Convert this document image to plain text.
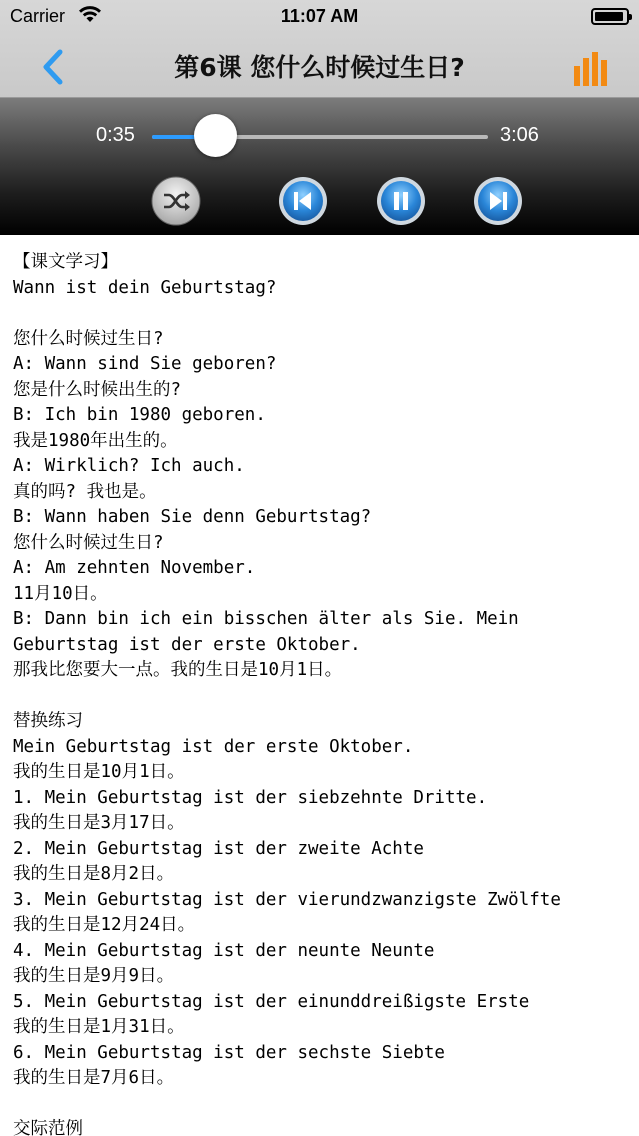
Carrier	11:07 AM
第6课 您什么时候过生日?
0:35	3:06
【课文学习】
Wann ist dein Geburtstag?
您什么时候过生日?
A: Wann sind Sie geboren?
您是什么时候出生的?
B: Ich bin 1980 geboren.
我是1980年出生的。
A: Wirklich? Ich auch.
真的吗? 我也是。
B: Wann haben Sie denn Geburtstag?
您什么时候过生日?
A: Am zehnten November.
11月10日。
B: Dann bin ich ein bisschen älter als Sie. Mein Geburtstag ist der erste Oktober.
那我比您要大一点。我的生日是10月1日。
替换练习
Mein Geburtstag ist der erste Oktober.
我的生日是10月1日。
1. Mein Geburtstag ist der siebzehnte Dritte.
我的生日是3月17日。
2. Mein Geburtstag ist der zweite Achte
我的生日是8月2日。
3. Mein Geburtstag ist der vierundzwanzigste Zwölfte
我的生日是12月24日。
4. Mein Geburtstag ist der neunte Neunte
我的生日是9月9日。
5. Mein Geburtstag ist der einunddreißigste Erste
我的生日是1月31日。
6. Mein Geburtstag ist der sechste Siebte
我的生日是7月6日。
交际范例
